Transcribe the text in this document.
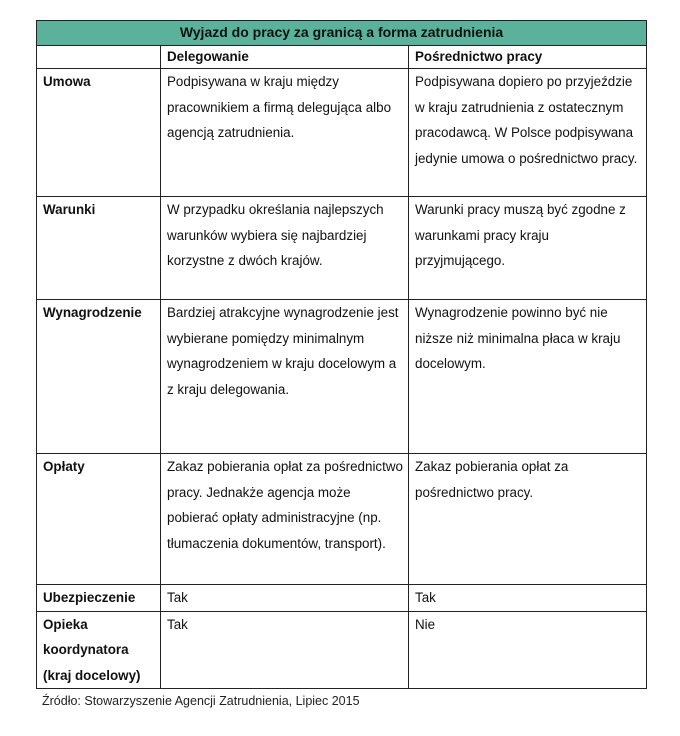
Wyjazd do pracy za granicą a forma zatrudnienia		
	Delegowanie	Pośrednictwo pracy
Umowa	Podpisywana w kraju między pracownikiem a firmą delegująca albo agencją zatrudnienia.	Podpisywana dopiero po przyjeździe w kraju zatrudnienia z ostatecznym pracodawcą. W Polsce podpisywana jedynie umowa o pośrednictwo pracy.
Warunki	W przypadku określania najlepszych warunków wybiera się najbardziej korzystne z dwóch krajów.	Warunki pracy muszą być zgodne z warunkami pracy kraju przyjmującego.
Wynagrodzenie	Bardziej atrakcyjne wynagrodzenie jest wybierane pomiędzy minimalnym wynagrodzeniem w kraju docelowym a z kraju delegowania.	Wynagrodzenie powinno być nie niższe niż minimalna płaca w kraju docelowym.
Opłaty	Zakaz pobierania opłat za pośrednictwo pracy. Jednakże agencja może pobierać opłaty administracyjne (np. tłumaczenia dokumentów, transport).	Zakaz pobierania opłat za pośrednictwo pracy.
Ubezpieczenie	Tak	Tak
Opieka koordynatora (kraj docelowy)	Tak	Nie
Źródło: Stowarzyszenie Agencji Zatrudnienia, Lipiec 2015
